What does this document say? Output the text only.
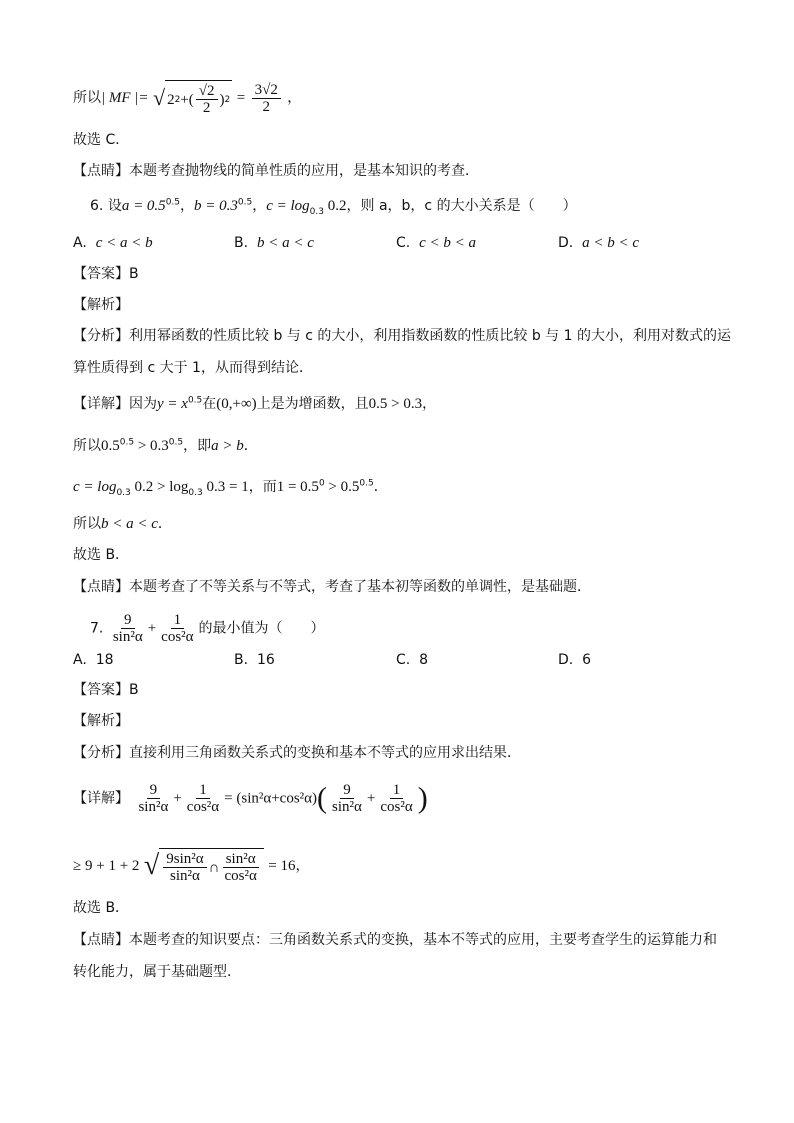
所以| MF |= √ 2 2 +( $\frac{√2}{2}$ ) $2 = \frac{3√2}{2}$ ，
故选 C．
【点睛】本题考查抛物线的简单性质的应用，是基本知识的考查．
6. 设$a = 0.5^{0.5}$，$b = 0.3^{0.5}$，$c = \log_{0.3} 0.2$，则 a，b，c 的大小关系是（　　）
A. c < a < b	B. b < a < c	C. c < b < a	D. a < b < c
【答案】B
【解析】
【分析】利用幂函数的性质比较 b 与 c 的大小，利用指数函数的性质比较 b 与 1 的大小，利用对数式的运
算性质得到 c 大于 1，从而得到结论．
【详解】因为$y = x^{0.5}$在(0,+∞)上是为增函数，且0.5 > 0.3，
所以$0.5^{0.5} > 0.3^{0.5}$，即a > b．
$c = \log_{0.3} 0.2 > \log_{0.3} 0.3 = 1$，而$1 = 0.5^0 > 0.5^{0.5}$．
所以b < a < c．
故选 B．
【点睛】本题考查了不等关系与不等式，考查了基本初等函数的单调性，是基础题．
7. $\frac{9}{\text{sin²α}} + \frac{1}{\text{cos²α}}$ 的最小值为（　　）
A. 18	B. 16	C. 8	D. 6
【答案】B
【解析】
【分析】直接利用三角函数关系式的变换和基本不等式的应用求出结果．
【详解】 $\frac{9}{\text{sin²α}} + \frac{1}{\text{cos²α}} = (\sin^2\alpha+\cos^2\alpha)( \frac{9}{\text{sin²α}} + \frac{1}{\text{cos²α}}$ )
≥ 9 + 1 + 2 √ $\frac{\text{9sin²α}}{\text{sin²α}}$ ∩ $\frac{\text{sin²α}}{\text{cos²α}} = 16$，
故选 B．
【点睛】本题考查的知识要点：三角函数关系式的变换，基本不等式的应用，主要考查学生的运算能力和
转化能力，属于基础题型．
